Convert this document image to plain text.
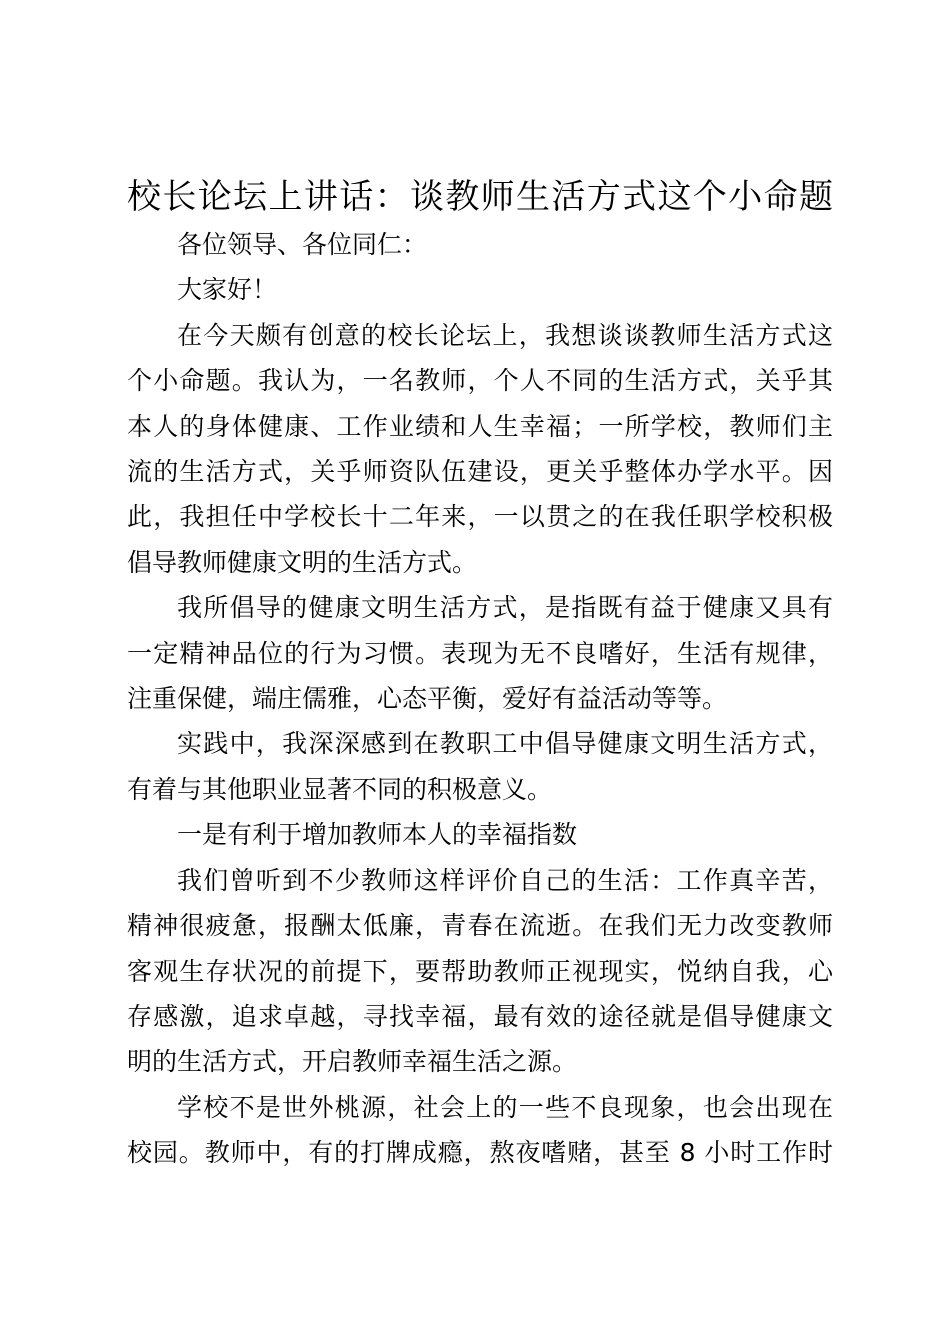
校长论坛上讲话：谈教师生活方式这个小命题

各位领导、各位同仁：

大家好！

在今天颇有创意的校长论坛上，我想谈谈教师生活方式这
个小命题。我认为，一名教师，个人不同的生活方式，关乎其
本人的身体健康、工作业绩和人生幸福；一所学校，教师们主
流的生活方式，关乎师资队伍建设，更关乎整体办学水平。因
此，我担任中学校长十二年来，一以贯之的在我任职学校积极
倡导教师健康文明的生活方式。

我所倡导的健康文明生活方式，是指既有益于健康又具有
一定精神品位的行为习惯。表现为无不良嗜好，生活有规律，
注重保健，端庄儒雅，心态平衡，爱好有益活动等等。

实践中，我深深感到在教职工中倡导健康文明生活方式，
有着与其他职业显著不同的积极意义。

一是有利于增加教师本人的幸福指数

我们曾听到不少教师这样评价自己的生活：工作真辛苦，
精神很疲惫，报酬太低廉，青春在流逝。在我们无力改变教师
客观生存状况的前提下，要帮助教师正视现实，悦纳自我，心
存感激，追求卓越，寻找幸福，最有效的途径就是倡导健康文
明的生活方式，开启教师幸福生活之源。

学校不是世外桃源，社会上的一些不良现象，也会出现在
校园。教师中，有的打牌成瘾，熬夜嗜赌，甚至 8 小时工作时
